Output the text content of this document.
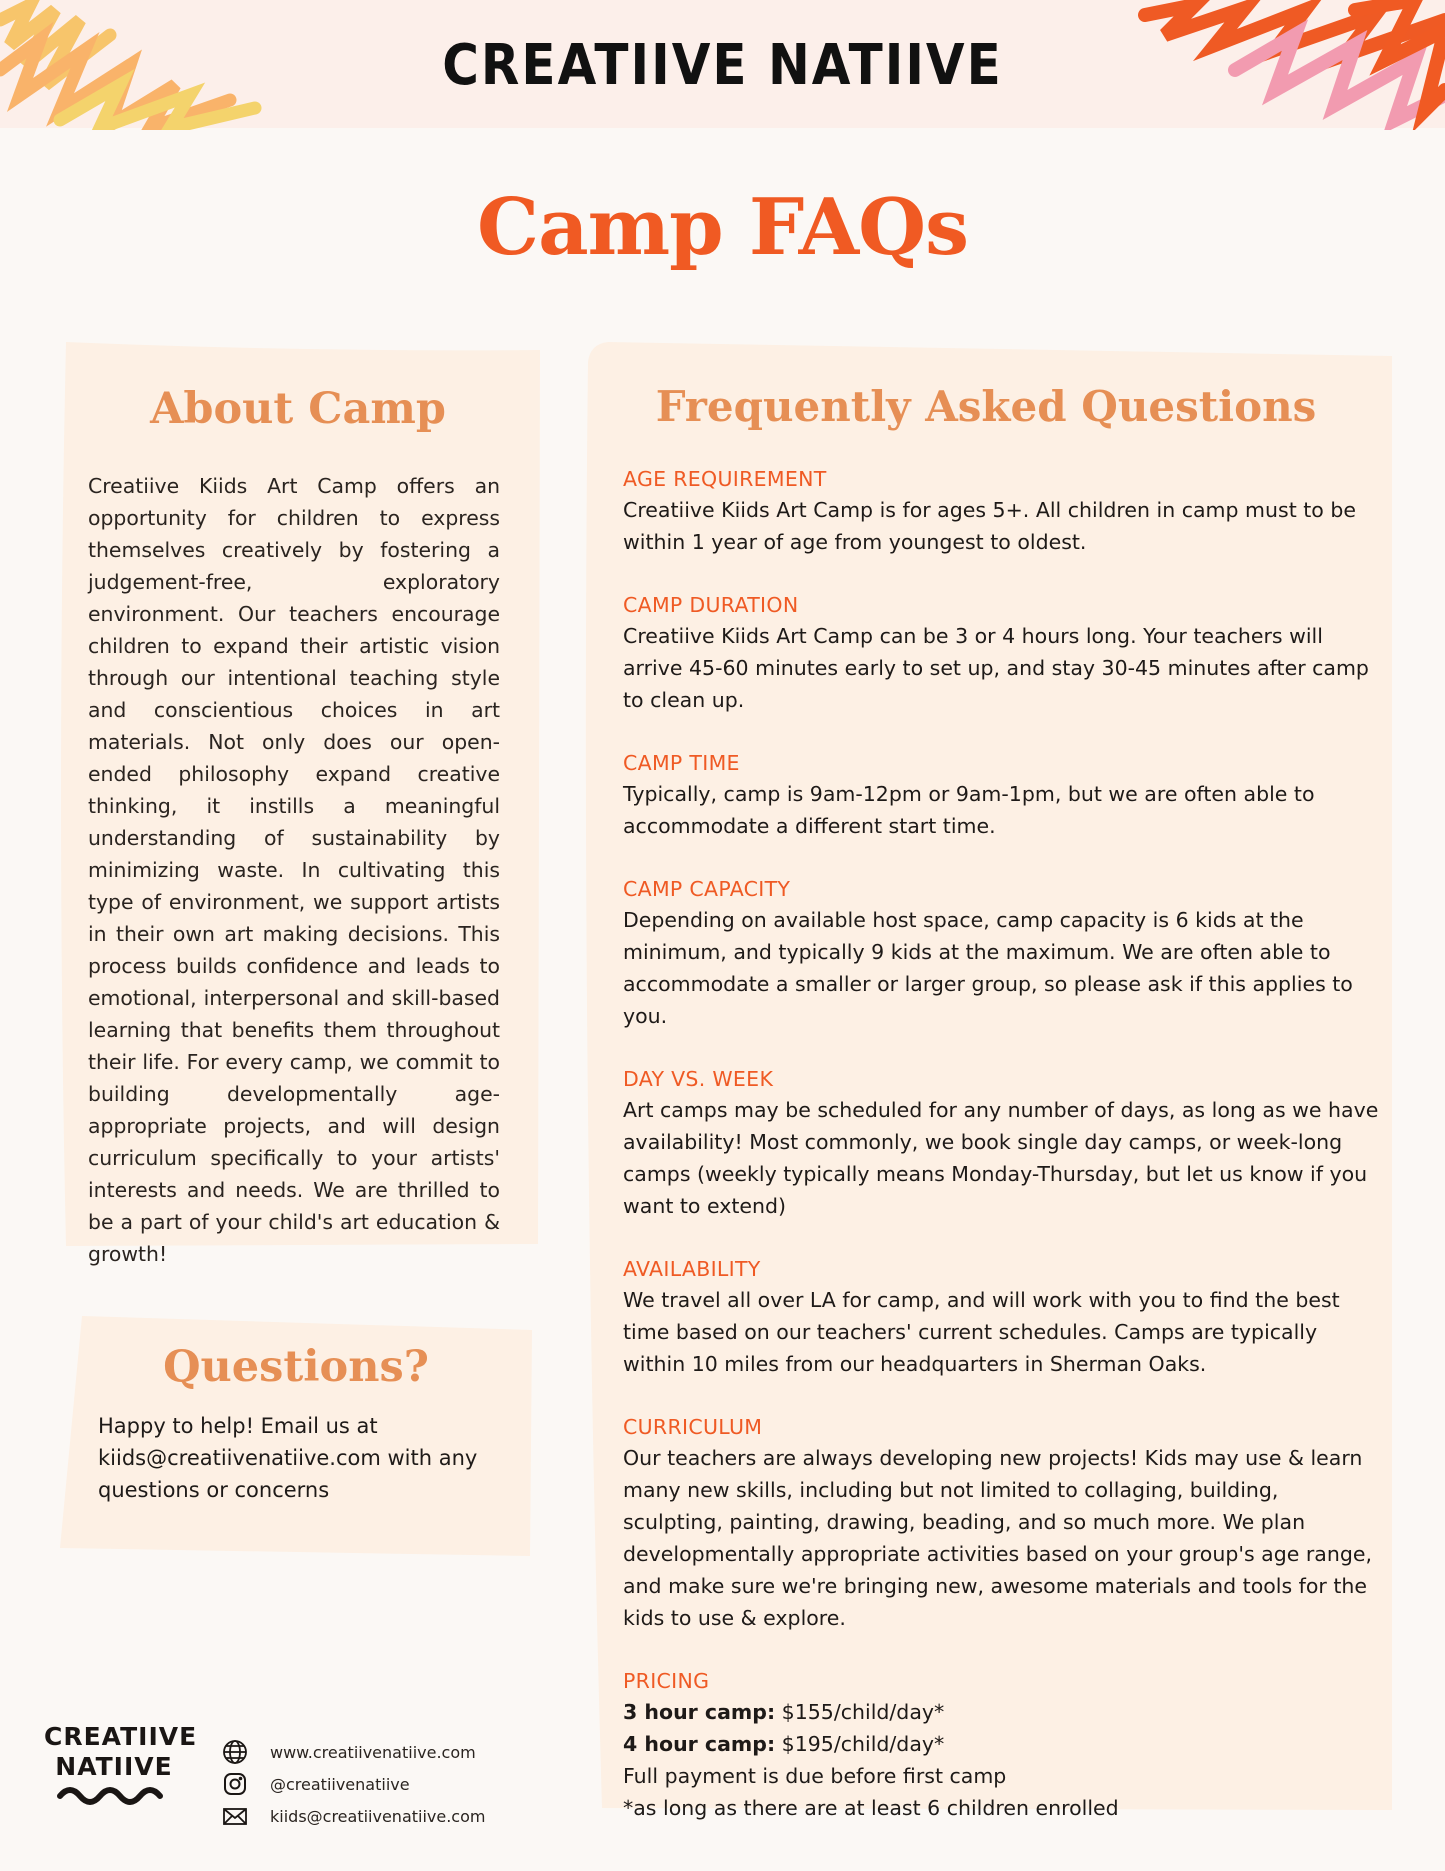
CREATIIVE NATIIVE
Camp FAQs
About Camp
Creatiive Kiids Art Camp offers an opportunity for children to express themselves creatively by fostering a judgement-free, exploratory environment. Our teachers encourage children to expand their artistic vision through our intentional teaching style and conscientious choices in art materials. Not only does our open-ended philosophy expand creative thinking, it instills a meaningful understanding of sustainability by minimizing waste. In cultivating this type of environment, we support artists in their own art making decisions. This process builds confidence and leads to emotional, interpersonal and skill-based learning that benefits them throughout their life. For every camp, we commit to building developmentally age-appropriate projects, and will design curriculum specifically to your artists' interests and needs. We are thrilled to be a part of your child's art education & growth!
Questions?
Happy to help! Email us at kiids@creatiivenatiive.com with any questions or concerns
Frequently Asked Questions
AGE REQUIREMENT
Creatiive Kiids Art Camp is for ages 5+. All children in camp must to be within 1 year of age from youngest to oldest.
CAMP DURATION
Creatiive Kiids Art Camp can be 3 or 4 hours long. Your teachers will arrive 45-60 minutes early to set up, and stay 30-45 minutes after camp to clean up.
CAMP TIME
Typically, camp is 9am-12pm or 9am-1pm, but we are often able to accommodate a different start time.
CAMP CAPACITY
Depending on available host space, camp capacity is 6 kids at the minimum, and typically 9 kids at the maximum. We are often able to accommodate a smaller or larger group, so please ask if this applies to you.
DAY VS. WEEK
Art camps may be scheduled for any number of days, as long as we have availability! Most commonly, we book single day camps, or week-long camps (weekly typically means Monday-Thursday, but let us know if you want to extend)
AVAILABILITY
We travel all over LA for camp, and will work with you to find the best time based on our teachers' current schedules. Camps are typically within 10 miles from our headquarters in Sherman Oaks.
CURRICULUM
Our teachers are always developing new projects! Kids may use & learn many new skills, including but not limited to collaging, building, sculpting, painting, drawing, beading, and so much more. We plan developmentally appropriate activities based on your group's age range, and make sure we're bringing new, awesome materials and tools for the kids to use & explore.
PRICING
3 hour camp: $155/child/day*
4 hour camp: $195/child/day*
Full payment is due before first camp
*as long as there are at least 6 children enrolled
CREATIIVE
NATIIVE	www.creatiivenatiive.com
@creatiivenatiive
kiids@creatiivenatiive.com
